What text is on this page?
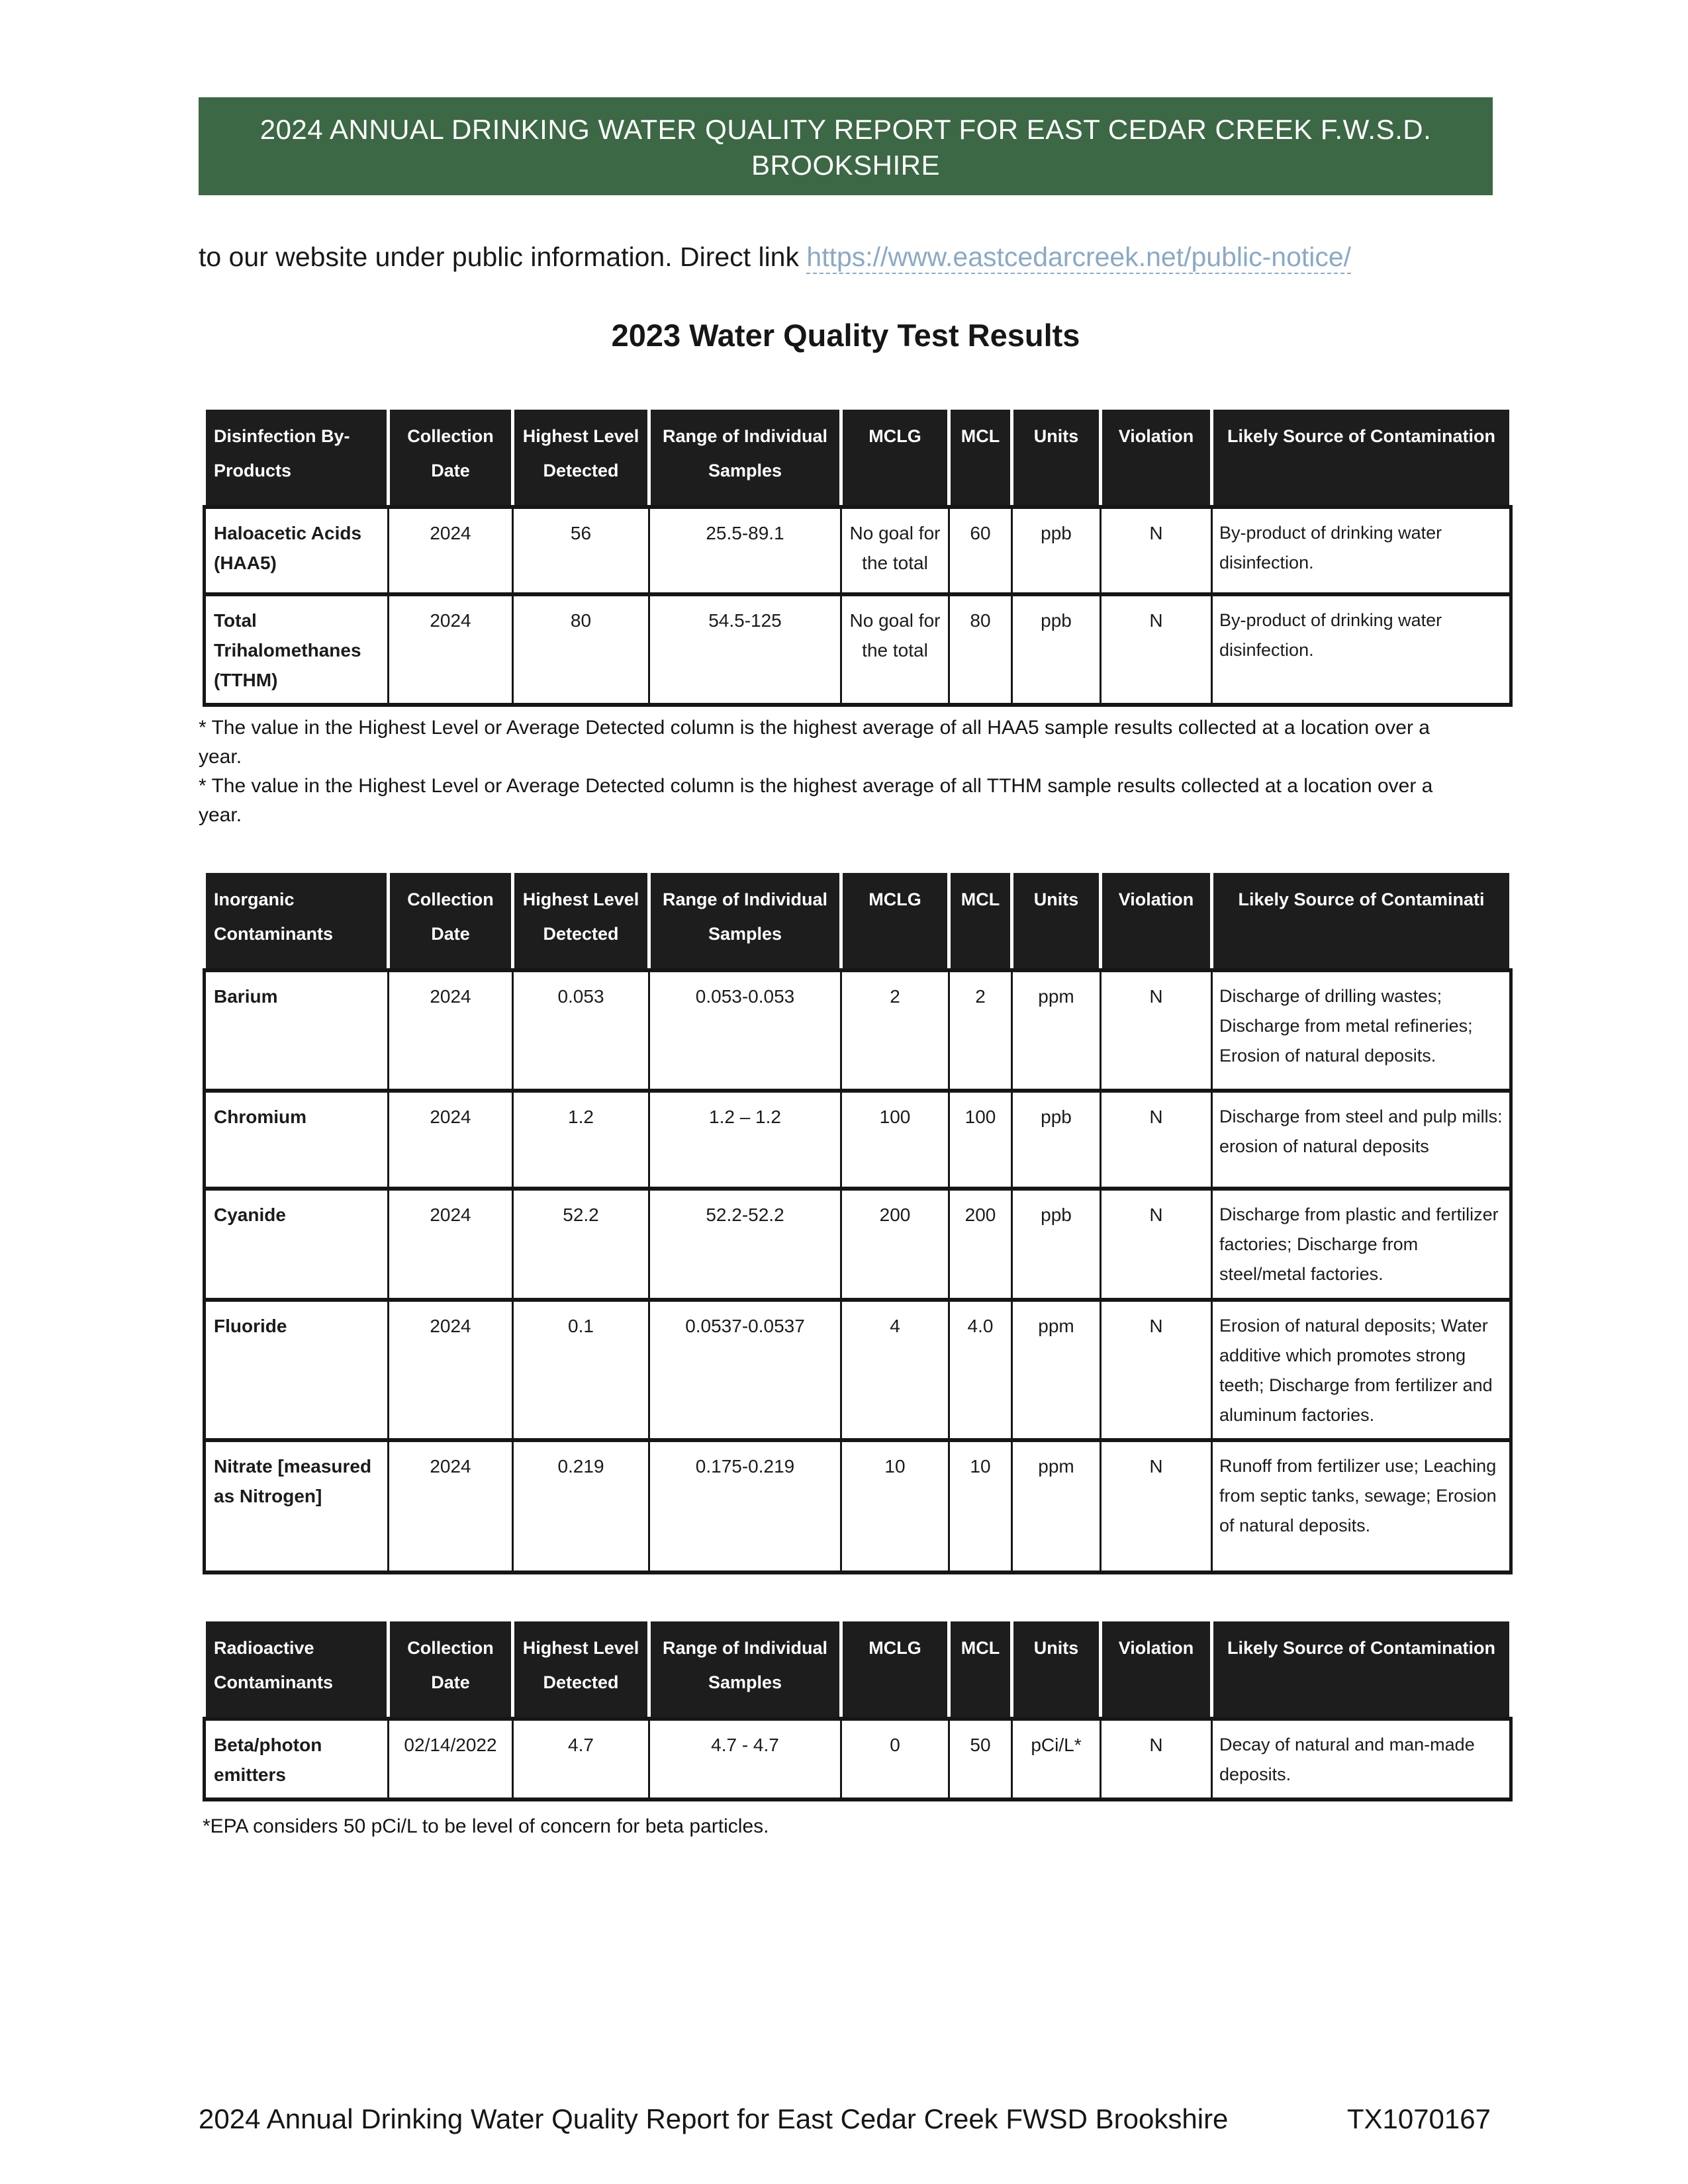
2024 ANNUAL DRINKING WATER QUALITY REPORT FOR EAST CEDAR CREEK F.W.S.D.
BROOKSHIRE

to our website under public information. Direct link https://www.eastcedarcreek.net/public-notice/

2023 Water Quality Test Results
Disinfection By-Products	Collection Date	Highest Level Detected	Range of Individual Samples	MCLG	MCL	Units	Violation	Likely Source of Contamination
Haloacetic Acids (HAA5)	2024	56	25.5-89.1	No goal for the total	60	ppb	N	By-product of drinking water disinfection.
Total Trihalomethanes (TTHM)	2024	80	54.5-125	No goal for the total	80	ppb	N	By-product of drinking water disinfection.
* The value in the Highest Level or Average Detected column is the highest average of all HAA5 sample results collected at a location over a year.
* The value in the Highest Level or Average Detected column is the highest average of all TTHM sample results collected at a location over a year.
Inorganic Contaminants	Collection Date	Highest Level Detected	Range of Individual Samples	MCLG	MCL	Units	Violation	Likely Source of Contaminati
Barium	2024	0.053	0.053-0.053	2	2	ppm	N	Discharge of drilling wastes; Discharge from metal refineries; Erosion of natural deposits.
Chromium	2024	1.2	1.2 – 1.2	100	100	ppb	N	Discharge from steel and pulp mills: erosion of natural deposits
Cyanide	2024	52.2	52.2-52.2	200	200	ppb	N	Discharge from plastic and fertilizer factories; Discharge from steel/metal factories.
Fluoride	2024	0.1	0.0537-0.0537	4	4.0	ppm	N	Erosion of natural deposits; Water additive which promotes strong teeth; Discharge from fertilizer and aluminum factories.
Nitrate [measured as Nitrogen]	2024	0.219	0.175-0.219	10	10	ppm	N	Runoff from fertilizer use; Leaching from septic tanks, sewage; Erosion of natural deposits.
Radioactive Contaminants	Collection Date	Highest Level Detected	Range of Individual Samples	MCLG	MCL	Units	Violation	Likely Source of Contamination
Beta/photon emitters	02/14/2022	4.7	4.7 - 4.7	0	50	pCi/L*	N	Decay of natural and man-made deposits.
*EPA considers 50 pCi/L to be level of concern for beta particles.
2024 Annual Drinking Water Quality Report for East Cedar Creek FWSD Brookshire	TX1070167
